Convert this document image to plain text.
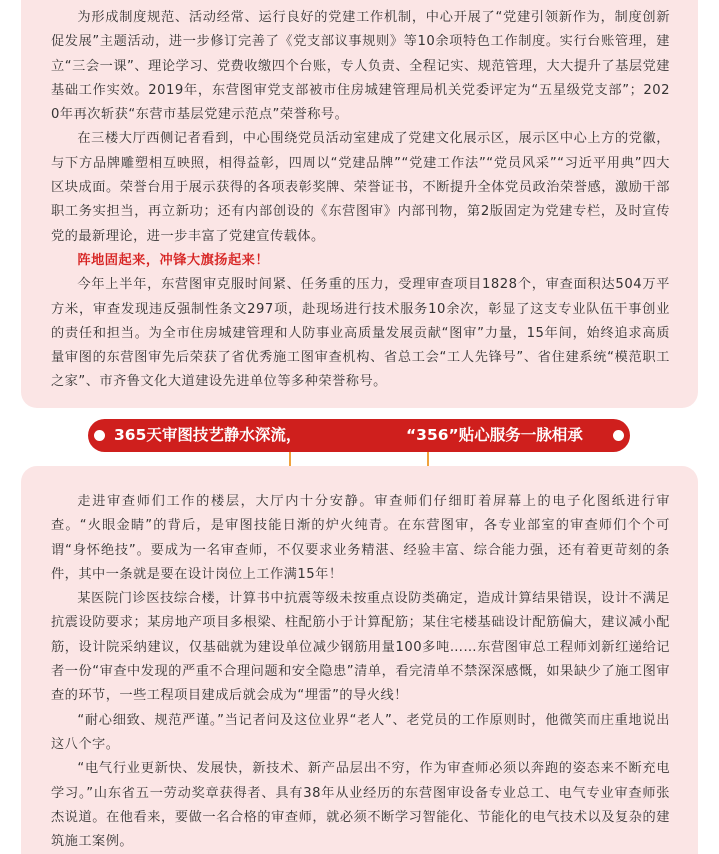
为形成制度规范、活动经常、运行良好的党建工作机制，中心开展了“党建引领新作为，制度创新促发展”主题活动，进一步修订完善了《党支部议事规则》等10余项特色工作制度。实行台账管理，建立“三会一课”、理论学习、党费收缴四个台账，专人负责、全程记实、规范管理，大大提升了基层党建基础工作实效。2019年，东营图审党支部被市住房城建管理局机关党委评定为“五星级党支部”；2020年再次斩获“东营市基层党建示范点”荣誉称号。

在三楼大厅西侧记者看到，中心围绕党员活动室建成了党建文化展示区，展示区中心上方的党徽，与下方品牌雕塑相互映照，相得益彰，四周以“党建品牌”“党建工作法”“党员风采”“习近平用典”四大区块成面。荣誉台用于展示获得的各项表彰奖牌、荣誉证书，不断提升全体党员政治荣誉感，激励干部职工务实担当，再立新功；还有内部创设的《东营图审》内部刊物，第2版固定为党建专栏，及时宣传党的最新理论，进一步丰富了党建宣传载体。

阵地固起来，冲锋大旗扬起来！

今年上半年，东营图审克服时间紧、任务重的压力，受理审查项目1828个，审查面积达504万平方米，审查发现违反强制性条文297项，赴现场进行技术服务10余次，彰显了这支专业队伍干事创业的责任和担当。为全市住房城建管理和人防事业高质量发展贡献“图审”力量，15年间，始终追求高质量审图的东营图审先后荣获了省优秀施工图审查机构、省总工会“工人先锋号”、省住建系统“模范职工之家”、市齐鲁文化大道建设先进单位等多种荣誉称号。

365天审图技艺静水深流，	“356”贴心服务一脉相承

走进审查师们工作的楼层，大厅内十分安静。审查师们仔细盯着屏幕上的电子化图纸进行审查。“火眼金睛”的背后，是审图技能日渐的炉火纯青。在东营图审，各专业部室的审查师们个个可谓“身怀绝技”。要成为一名审查师，不仅要求业务精湛、经验丰富、综合能力强，还有着更苛刻的条件，其中一条就是要在设计岗位上工作满15年！

某医院门诊医技综合楼，计算书中抗震等级未按重点设防类确定，造成计算结果错误，设计不满足抗震设防要求；某房地产项目多根梁、柱配筋小于计算配筋；某住宅楼基础设计配筋偏大，建议减小配筋，设计院采纳建议，仅基础就为建设单位减少钢筋用量100多吨……东营图审总工程师刘新红递给记者一份“审查中发现的严重不合理问题和安全隐患”清单，看完清单不禁深深感慨，如果缺少了施工图审查的环节，一些工程项目建成后就会成为“埋雷”的导火线！

“耐心细致、规范严谨。”当记者问及这位业界“老人”、老党员的工作原则时，他微笑而庄重地说出这八个字。

“电气行业更新快、发展快，新技术、新产品层出不穷，作为审查师必须以奔跑的姿态来不断充电学习。”山东省五一劳动奖章获得者、具有38年从业经历的东营图审设备专业总工、电气专业审查师张杰说道。在他看来，要做一名合格的审查师，就必须不断学习智能化、节能化的电气技术以及复杂的建筑施工案例。
